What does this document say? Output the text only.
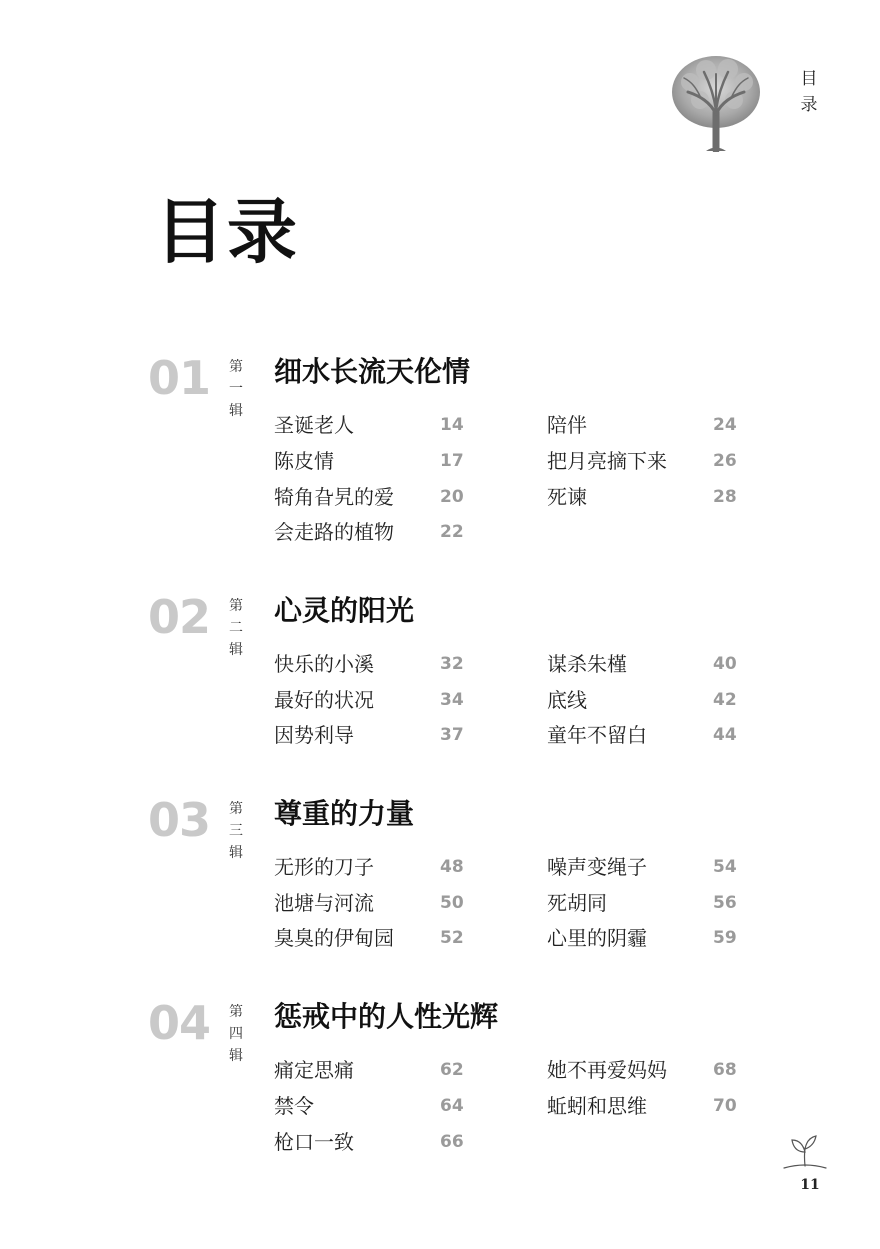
目
录
目录
01 第
一
辑
细水长流天伦情
圣诞老人	14
陈皮情	17
犄角旮旯的爱	20
会走路的植物	22
陪伴	24
把月亮摘下来	26
死谏	28
02 第
二
辑
心灵的阳光
快乐的小溪	32
最好的状况	34
因势利导	37
谋杀朱槿	40
底线	42
童年不留白	44
03 第
三
辑
尊重的力量
无形的刀子	48
池塘与河流	50
臭臭的伊甸园	52
噪声变绳子	54
死胡同	56
心里的阴霾	59
04 第
四
辑
惩戒中的人性光辉
痛定思痛	62
禁令	64
枪口一致	66
她不再爱妈妈	68
蚯蚓和思维	70
11
